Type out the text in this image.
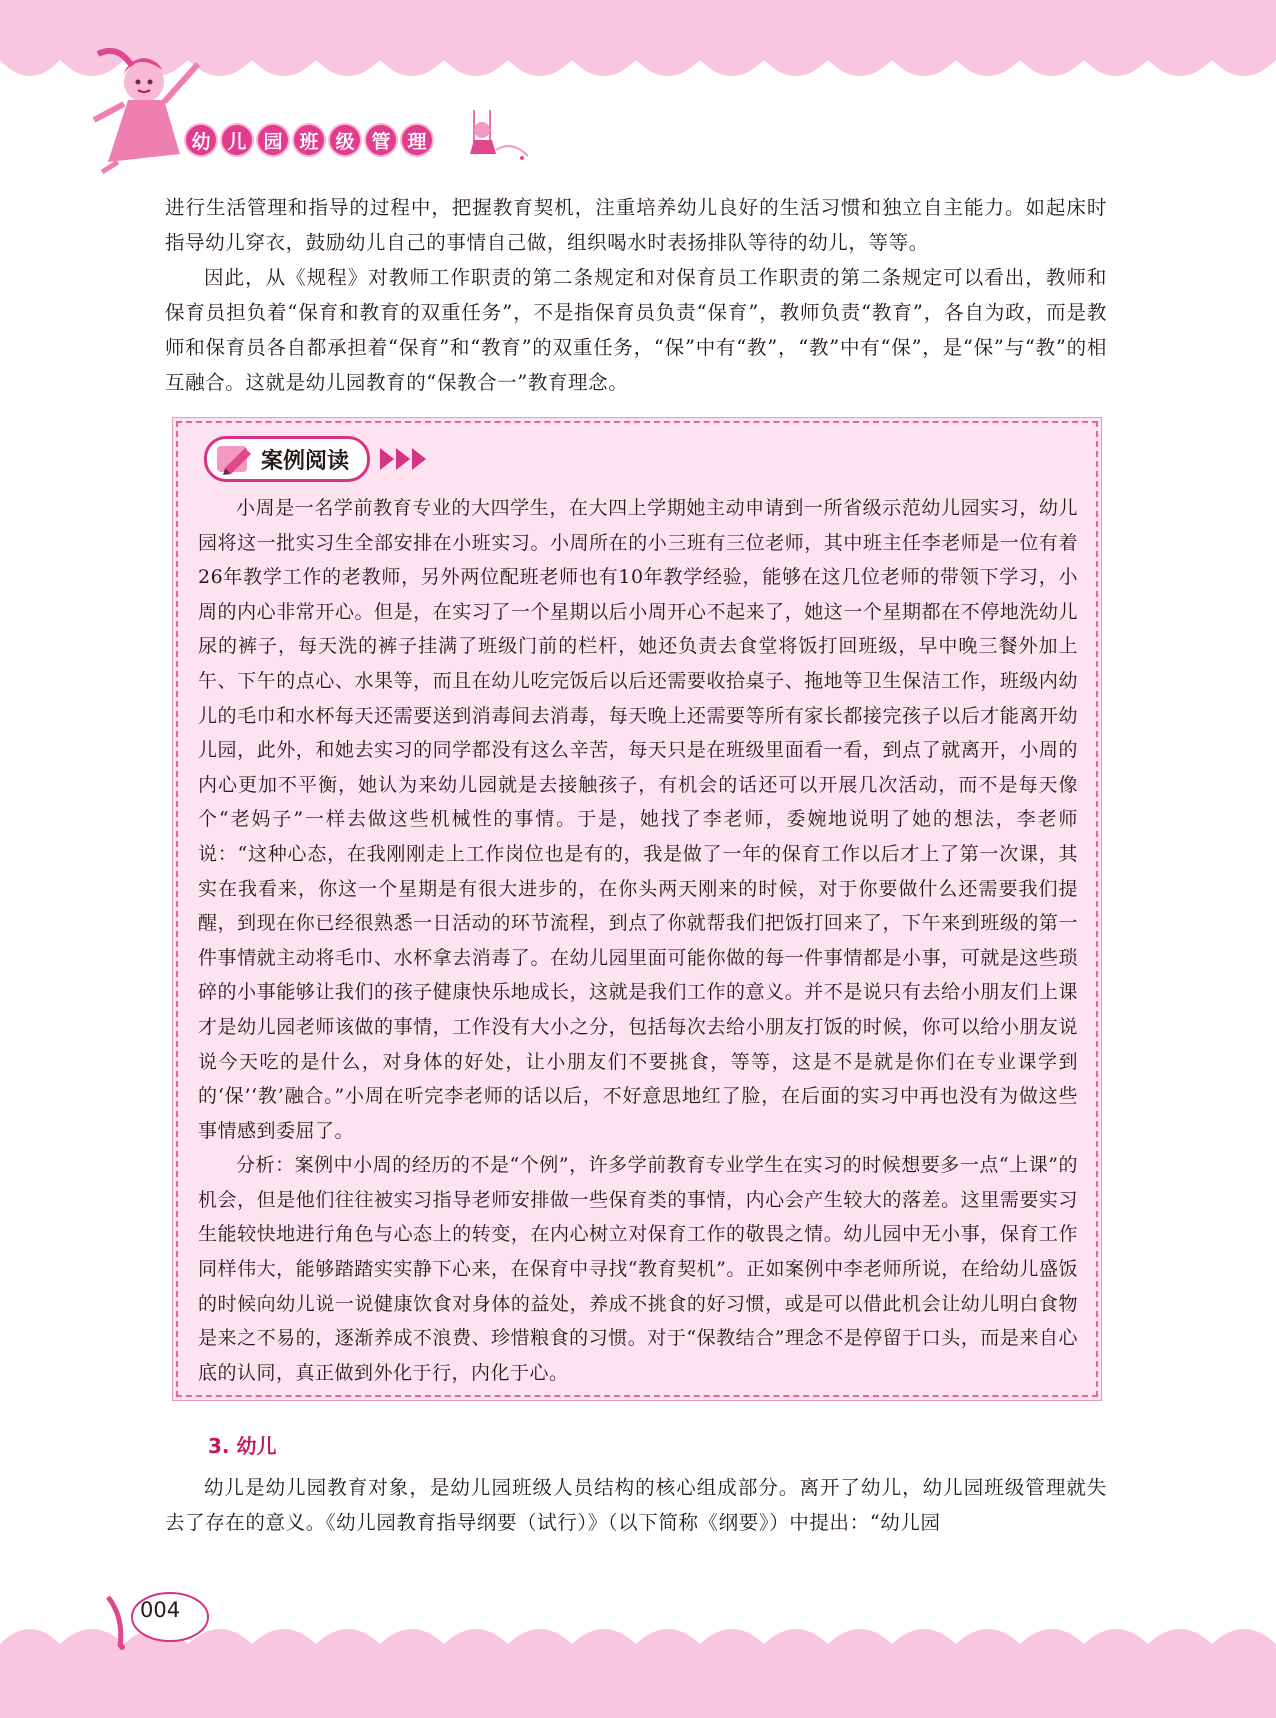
幼 儿 园 班 级 管 理

进行生活管理和指导的过程中，把握教育契机，注重培养幼儿良好的生活习惯和独立自主能力。如起床时指导幼儿穿衣，鼓励幼儿自己的事情自己做，组织喝水时表扬排队等待的幼儿，等等。

因此，从《规程》对教师工作职责的第二条规定和对保育员工作职责的第二条规定可以看出，教师和保育员担负着“保育和教育的双重任务”，不是指保育员负责“保育”，教师负责“教育”，各自为政，而是教师和保育员各自都承担着“保育”和“教育”的双重任务，“保”中有“教”，“教”中有“保”，是“保”与“教”的相互融合。这就是幼儿园教育的“保教合一”教育理念。

案例阅读

小周是一名学前教育专业的大四学生，在大四上学期她主动申请到一所省级示范幼儿园实习，幼儿园将这一批实习生全部安排在小班实习。小周所在的小三班有三位老师，其中班主任李老师是一位有着26年教学工作的老教师，另外两位配班老师也有10年教学经验，能够在这几位老师的带领下学习，小周的内心非常开心。但是，在实习了一个星期以后小周开心不起来了，她这一个星期都在不停地洗幼儿尿的裤子，每天洗的裤子挂满了班级门前的栏杆，她还负责去食堂将饭打回班级，早中晚三餐外加上午、下午的点心、水果等，而且在幼儿吃完饭后以后还需要收拾桌子、拖地等卫生保洁工作，班级内幼儿的毛巾和水杯每天还需要送到消毒间去消毒，每天晚上还需要等所有家长都接完孩子以后才能离开幼儿园，此外，和她去实习的同学都没有这么辛苦，每天只是在班级里面看一看，到点了就离开，小周的内心更加不平衡，她认为来幼儿园就是去接触孩子，有机会的话还可以开展几次活动，而不是每天像个“老妈子”一样去做这些机械性的事情。于是，她找了李老师，委婉地说明了她的想法，李老师说：“这种心态，在我刚刚走上工作岗位也是有的，我是做了一年的保育工作以后才上了第一次课，其实在我看来，你这一个星期是有很大进步的，在你头两天刚来的时候，对于你要做什么还需要我们提醒，到现在你已经很熟悉一日活动的环节流程，到点了你就帮我们把饭打回来了，下午来到班级的第一件事情就主动将毛巾、水杯拿去消毒了。在幼儿园里面可能你做的每一件事情都是小事，可就是这些琐碎的小事能够让我们的孩子健康快乐地成长，这就是我们工作的意义。并不是说只有去给小朋友们上课才是幼儿园老师该做的事情，工作没有大小之分，包括每次去给小朋友打饭的时候，你可以给小朋友说说今天吃的是什么，对身体的好处，让小朋友们不要挑食，等等，这是不是就是你们在专业课学到的‘保’‘教’融合。”小周在听完李老师的话以后，不好意思地红了脸，在后面的实习中再也没有为做这些事情感到委屈了。

分析：案例中小周的经历的不是“个例”，许多学前教育专业学生在实习的时候想要多一点“上课”的机会，但是他们往往被实习指导老师安排做一些保育类的事情，内心会产生较大的落差。这里需要实习生能较快地进行角色与心态上的转变，在内心树立对保育工作的敬畏之情。幼儿园中无小事，保育工作同样伟大，能够踏踏实实静下心来，在保育中寻找“教育契机”。正如案例中李老师所说，在给幼儿盛饭的时候向幼儿说一说健康饮食对身体的益处，养成不挑食的好习惯，或是可以借此机会让幼儿明白食物是来之不易的，逐渐养成不浪费、珍惜粮食的习惯。对于“保教结合”理念不是停留于口头，而是来自心底的认同，真正做到外化于行，内化于心。

3. 幼儿

幼儿是幼儿园教育对象，是幼儿园班级人员结构的核心组成部分。离开了幼儿，幼儿园班级管理就失去了存在的意义。《幼儿园教育指导纲要（试行）》（以下简称《纲要》）中提出：“幼儿园

004
